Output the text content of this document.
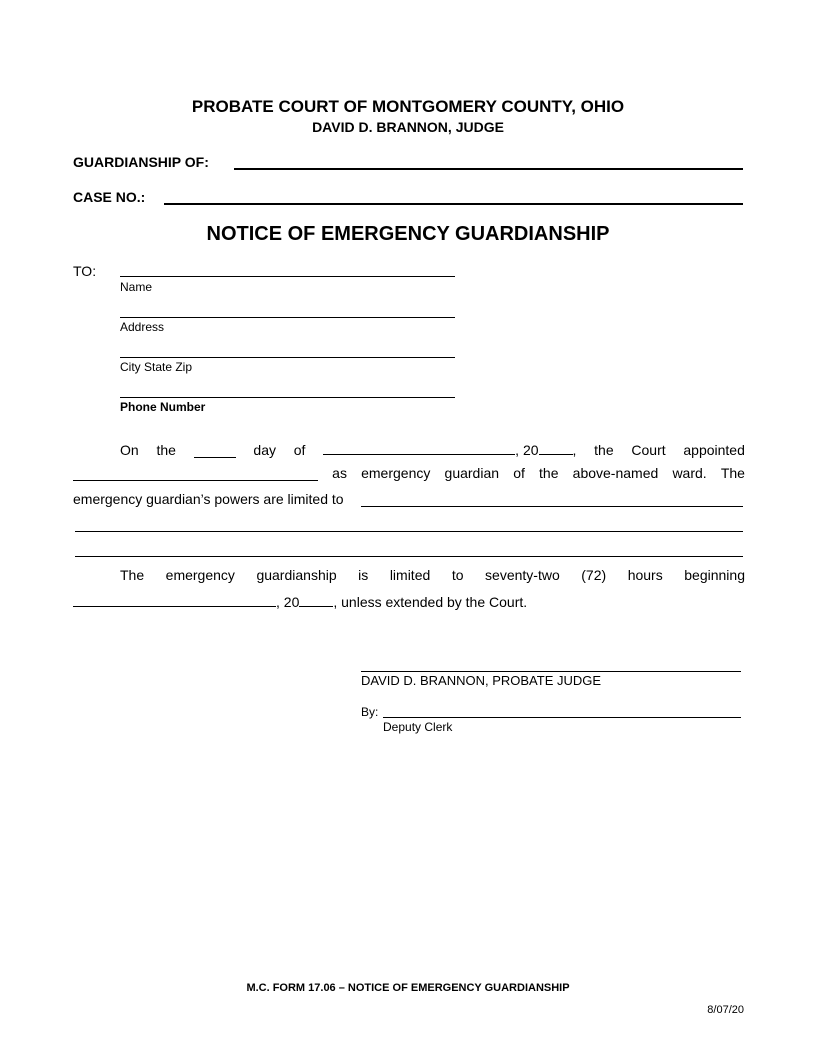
PROBATE COURT OF MONTGOMERY COUNTY, OHIO
DAVID D. BRANNON, JUDGE
GUARDIANSHIP OF:
CASE NO.:
NOTICE OF EMERGENCY GUARDIANSHIP
TO:
Name
Address
City State Zip
Phone Number
On the	day of	, 20 , the Court appointed
as emergency guardian of the above-named ward. The
emergency guardian’s powers are limited to
The emergency guardianship is limited to seventy-two (72) hours beginning
, 20 , unless extended by the Court.
DAVID D. BRANNON, PROBATE JUDGE
By:
Deputy Clerk
M.C. FORM 17.06 – NOTICE OF EMERGENCY GUARDIANSHIP
8/07/20
